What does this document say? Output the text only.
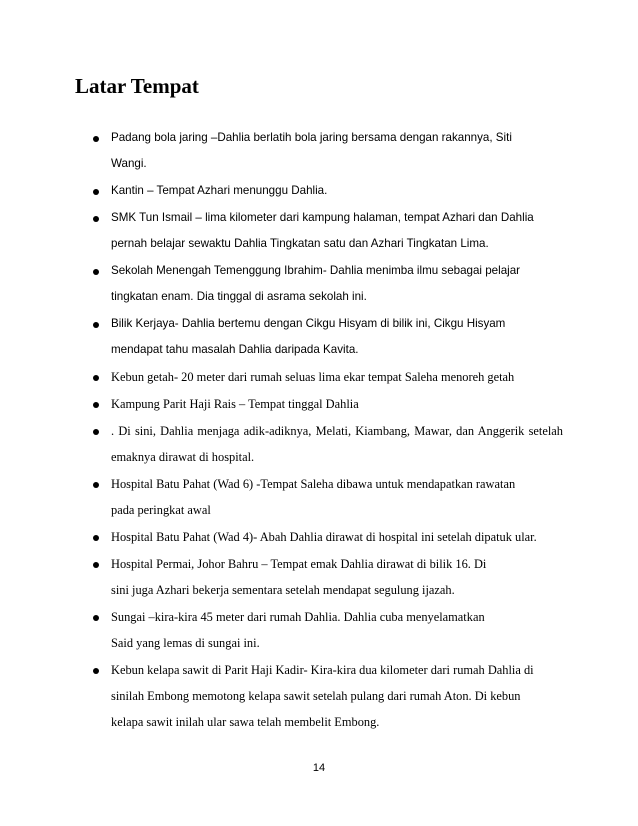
Latar Tempat
Padang bola jaring –Dahlia berlatih bola jaring bersama dengan rakannya, Siti
Wangi.
Kantin – Tempat Azhari menunggu Dahlia.
SMK Tun Ismail – lima kilometer dari kampung halaman, tempat Azhari dan Dahlia
pernah belajar sewaktu Dahlia Tingkatan satu dan Azhari Tingkatan Lima.
Sekolah Menengah Temenggung Ibrahim- Dahlia menimba ilmu sebagai pelajar
tingkatan enam. Dia tinggal di asrama sekolah ini.
Bilik Kerjaya- Dahlia bertemu dengan Cikgu Hisyam di bilik ini, Cikgu Hisyam
mendapat tahu masalah Dahlia daripada Kavita.
Kebun getah- 20 meter dari rumah seluas lima ekar tempat Saleha menoreh getah
Kampung Parit Haji Rais – Tempat tinggal Dahlia
. Di sini, Dahlia menjaga adik-adiknya, Melati, Kiambang, Mawar, dan Anggerik setelah
emaknya dirawat di hospital.
Hospital Batu Pahat (Wad 6) -Tempat Saleha dibawa untuk mendapatkan rawatan
pada peringkat awal
Hospital Batu Pahat (Wad 4)- Abah Dahlia dirawat di hospital ini setelah dipatuk ular.
Hospital Permai, Johor Bahru – Tempat emak Dahlia dirawat di bilik 16. Di
sini juga Azhari bekerja sementara setelah mendapat segulung ijazah.
Sungai –kira-kira 45 meter dari rumah Dahlia. Dahlia cuba menyelamatkan
Said yang lemas di sungai ini.
Kebun kelapa sawit di Parit Haji Kadir- Kira-kira dua kilometer dari rumah Dahlia di
sinilah Embong memotong kelapa sawit setelah pulang dari rumah Aton. Di kebun
kelapa sawit inilah ular sawa telah membelit Embong.
14
